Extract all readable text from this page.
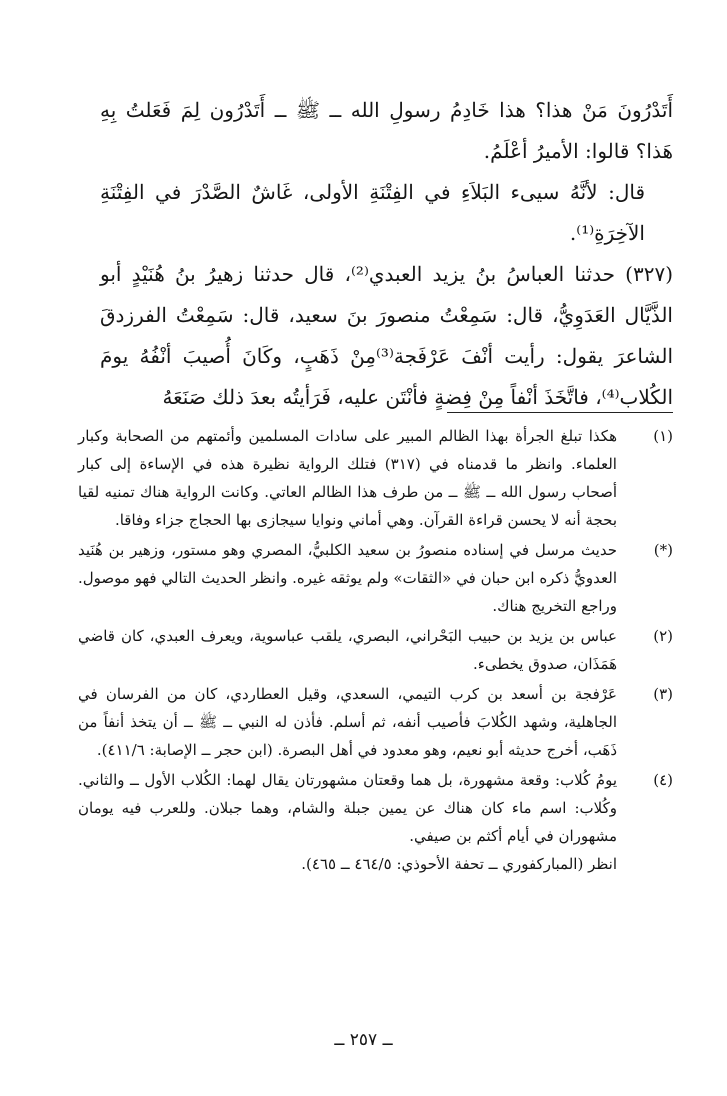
أَتَدْرُونَ مَنْ هذا؟ هذا خَادِمُ رسولِ الله ــ ﷺ ــ أَتَدْرُون لِمَ فَعَلتُ بِهِ هَذا؟ قالوا: الأميرُ أعْلَمُ.

قال: لأنَّهُ سيىء البَلاَءِ في الفِتْنَةِ الأولى، غَاشٌ الصَّدْرَ في الفِتْنَةِ الآخِرَةِ⁽¹⁾.

(٣٢٧) حدثنا العباسُ بنُ يزيد العبدي⁽²⁾، قال حدثنا زهيرُ بنُ هُنَيْدٍ أبو الذَّيَّال العَدَوِيُّ، قال: سَمِعْتُ منصورَ بنَ سعيد، قال: سَمِعْتُ الفرزدقَ الشاعرَ يقول: رأيت أنْفَ عَرْفَجة⁽³⁾مِنْ ذَهَبٍ، وكَانَ أُصيبَ أنْفُهُ يومَ الكُلاب⁽⁴⁾، فاتَّخَذَ أنْفاً مِنْ فِضةٍ فأنْتَن عليه، فَرَأيتُه بعدَ ذلك صَنَعَهُ

(١)
هكذا تبلغ الجرأة بهذا الظالم المبير على سادات المسلمين وأئمتهم من الصحابة وكبار العلماء. وانظر ما قدمناه في (٣١٧) فتلك الرواية نظيرة هذه في الإساءة إلى كبار أصحاب رسول الله ــ ﷺ ــ من طرف هذا الظالم العاتي. وكانت الرواية هناك تمنيه لقيا بحجة أنه لا يحسن قراءة القرآن. وهي أماني ونوايا سيجازى بها الحجاج جزاء وفاقا.
(*)
حديث مرسل في إسناده منصورُ بن سعيد الكلبيُّ، المصري وهو مستور، وزهير بن هُنَيد العدويُّ ذكره ابن حبان في «الثقات» ولم يوثقه غيره. وانظر الحديث التالي فهو موصول. وراجع التخريج هناك.
(٢)
عباس بن يزيد بن حبيب البَحْراني، البصري، يلقب عباسوية، ويعرف العبدي، كان قاضي هَمَذَان، صدوق يخطىء.
(٣)
عَرْفجة بن أسعد بن كرب التيمي، السعدي، وقيل العطاردي، كان من الفرسان في الجاهلية، وشهد الكُلابَ فأصيب أنفه، ثم أسلم. فأذن له النبي ــ ﷺ ــ أن يتخذ أنفاً من ذَهَب، أخرج حديثه أبو نعيم، وهو معدود في أهل البصرة. (ابن حجر ــ الإصابة: ٤١١/٦).
(٤)
يومُ كُلاب: وقعة مشهورة، بل هما وقعتان مشهورتان يقال لهما: الكُلاب الأول ــ والثاني. وكُلاب: اسم ماء كان هناك عن يمين جبلة والشام، وهما جبلان. وللعرب فيه يومان مشهوران في أيام أكثم بن صيفي.
انظر (المباركفوري ــ تحفة الأحوذي: ٤٦٤/٥ ــ ٤٦٥).
ــ ٢٥٧ ــ
